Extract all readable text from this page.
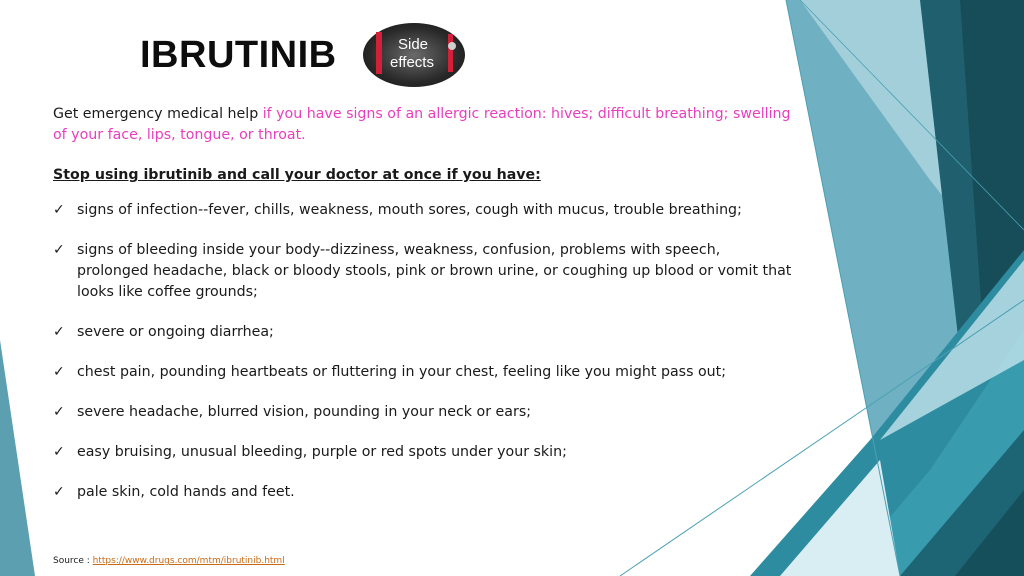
IBRUTINIB	Side
effects

Get emergency medical help if you have signs of an allergic reaction: hives; difficult breathing; swelling of your face, lips, tongue, or throat.

Stop using ibrutinib and call your doctor at once if you have:

✓ signs of infection--fever, chills, weakness, mouth sores, cough with mucus, trouble breathing;
✓ signs of bleeding inside your body--dizziness, weakness, confusion, problems with speech, prolonged headache, black or bloody stools, pink or brown urine, or coughing up blood or vomit that looks like coffee grounds;
✓ severe or ongoing diarrhea;
✓ chest pain, pounding heartbeats or fluttering in your chest, feeling like you might pass out;
✓ severe headache, blurred vision, pounding in your neck or ears;
✓ easy bruising, unusual bleeding, purple or red spots under your skin;
✓ pale skin, cold hands and feet.
Source : https://www.drugs.com/mtm/ibrutinib.html
